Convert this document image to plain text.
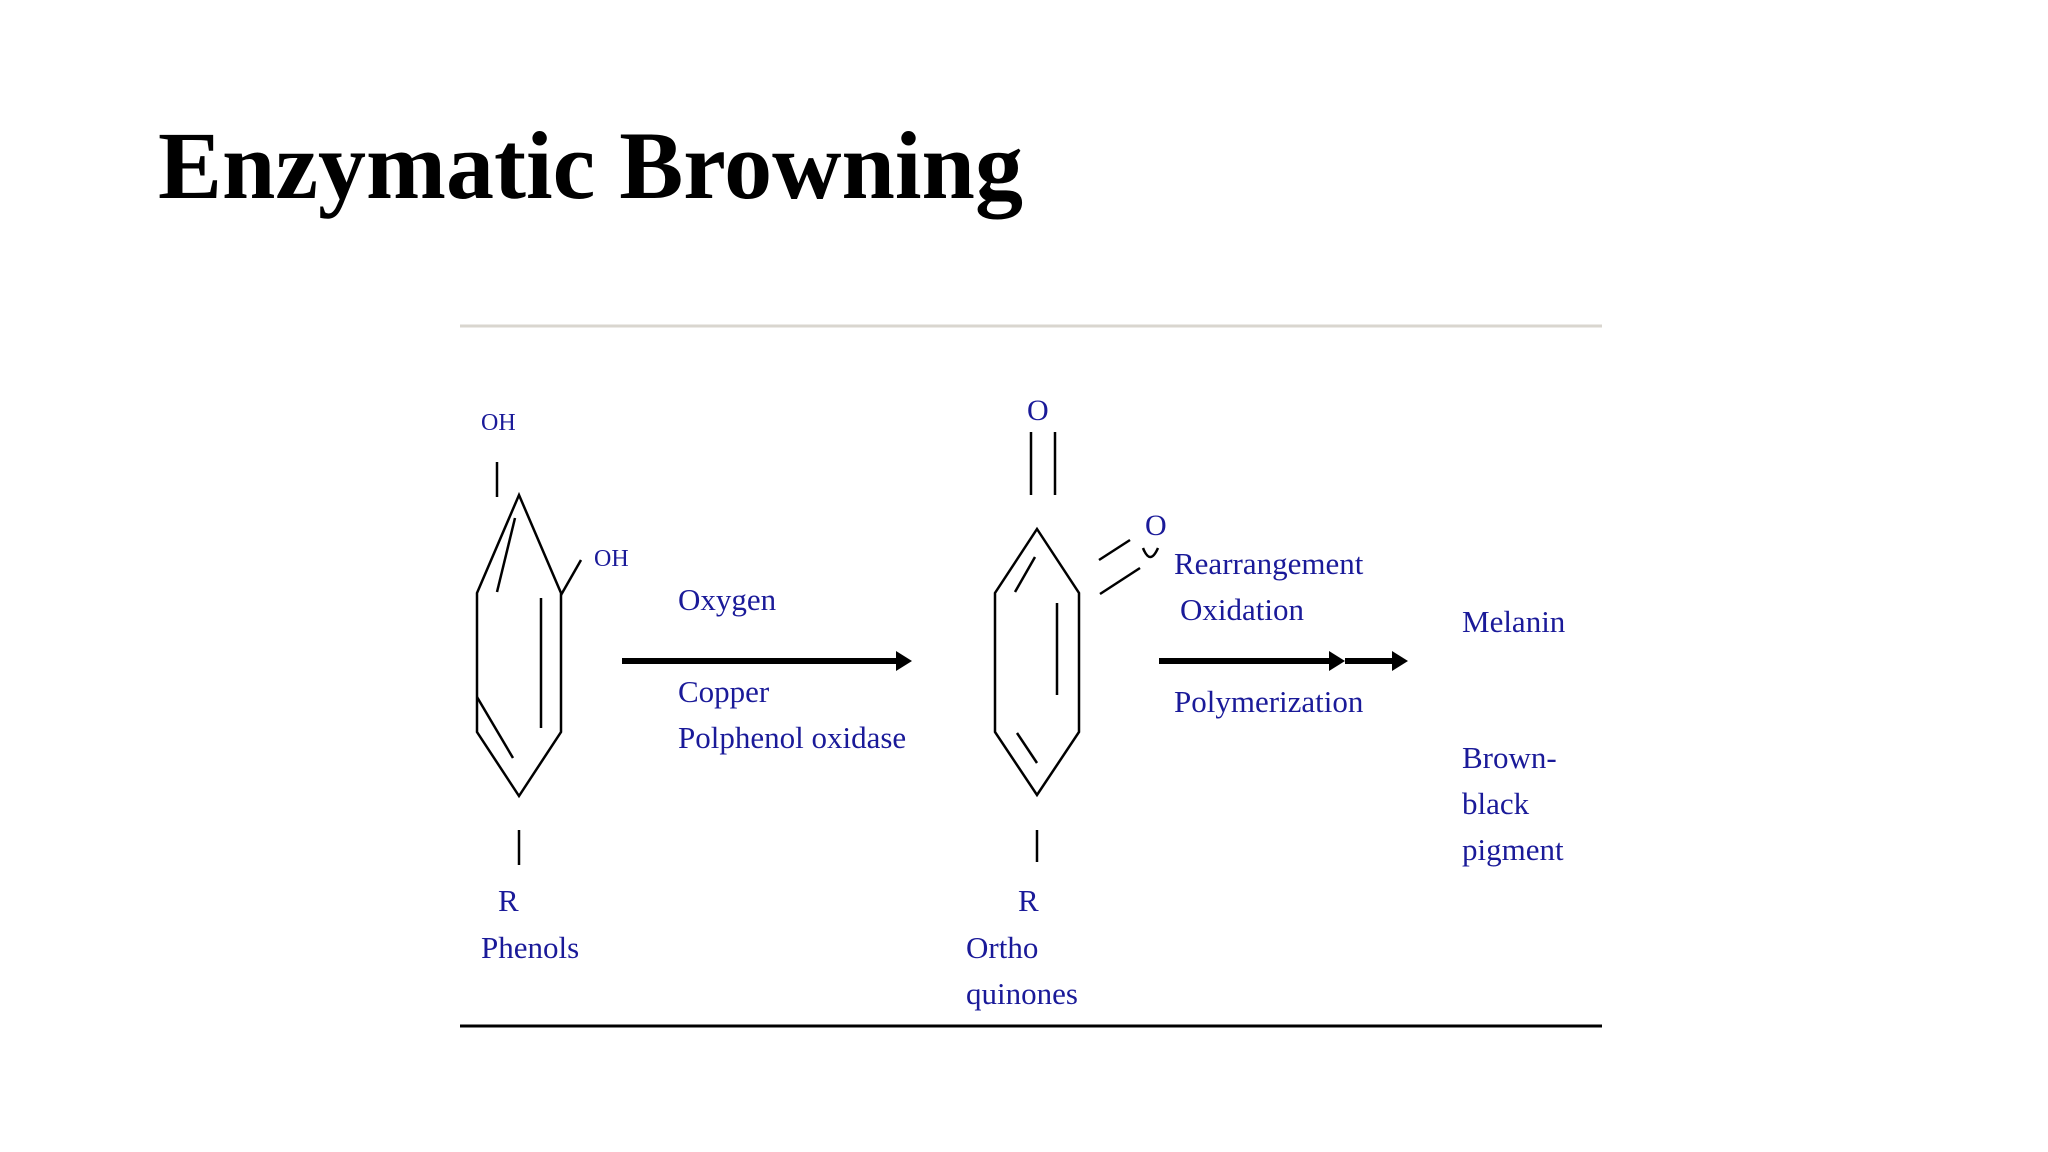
Enzymatic Browning
OH
OH
R
Phenols
Oxygen
Copper
Polphenol oxidase
O
O
R
Ortho
quinones
Rearrangement
Oxidation
Polymerization
Melanin
Brown-
black
pigment
